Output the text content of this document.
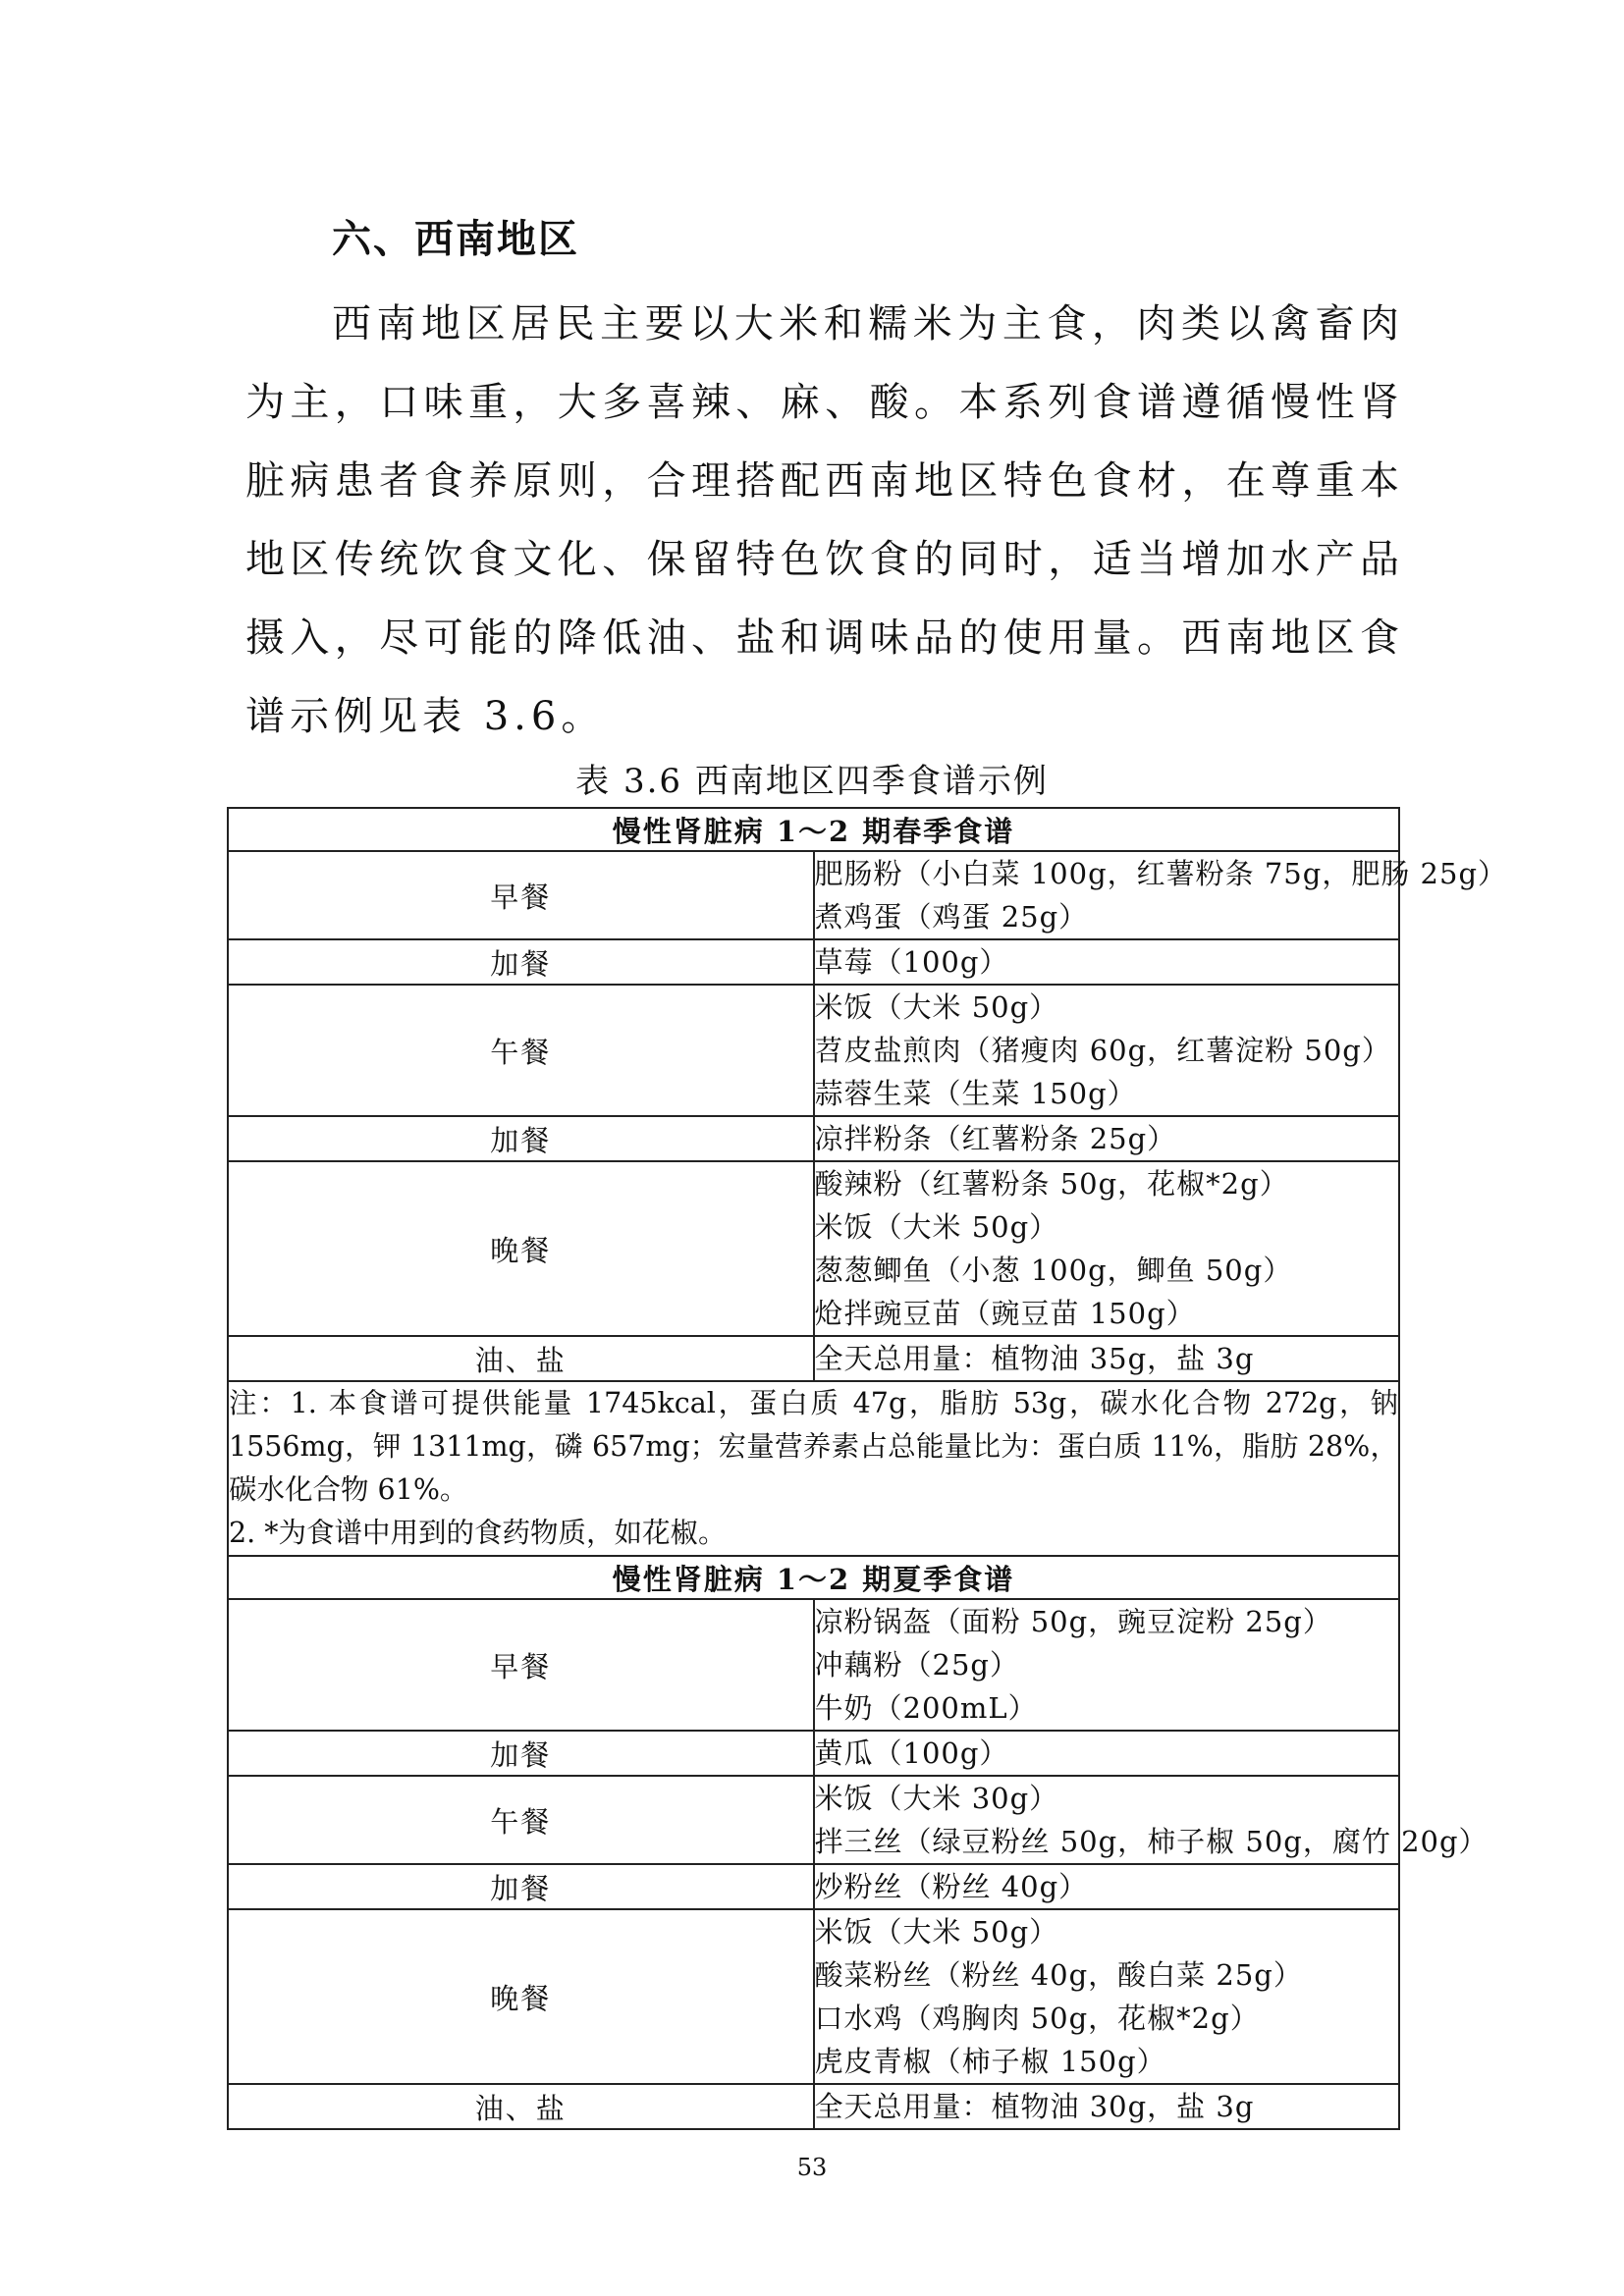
六、西南地区

西南地区居民主要以大米和糯米为主食，肉类以禽畜肉为主，口味重，大多喜辣、麻、酸。本系列食谱遵循慢性肾脏病患者食养原则，合理搭配西南地区特色食材，在尊重本地区传统饮食文化、保留特色饮食的同时，适当增加水产品摄入，尽可能的降低油、盐和调味品的使用量。西南地区食谱示例见表 3.6。

表 3.6 西南地区四季食谱示例
慢性肾脏病 1～2 期春季食谱	
早餐	肥肠粉（小白菜 100g，红薯粉条 75g，肥肠 25g）
煮鸡蛋（鸡蛋 25g）

加餐	草莓（100g）

午餐	米饭（大米 50g）
苕皮盐煎肉（猪瘦肉 60g，红薯淀粉 50g）
蒜蓉生菜（生菜 150g）

加餐	凉拌粉条（红薯粉条 25g）

晚餐	酸辣粉（红薯粉条 50g，花椒*2g）
米饭（大米 50g）
葱葱鲫鱼（小葱 100g，鲫鱼 50g）
炝拌豌豆苗（豌豆苗 150g）

油、盐	全天总用量：植物油 35g，盐 3g

注：1. 本食谱可提供能量 1745kcal，蛋白质 47g，脂肪 53g，碳水化合物 272g，钠 1556mg，钾 1311mg，磷 657mg；宏量营养素占总能量比为：蛋白质 11%，脂肪 28%，碳水化合物 61%。
2. *为食谱中用到的食药物质，如花椒。	

慢性肾脏病 1～2 期夏季食谱	
早餐	凉粉锅盔（面粉 50g，豌豆淀粉 25g）
冲藕粉（25g）
牛奶（200mL）

加餐	黄瓜（100g）

午餐	米饭（大米 30g）
拌三丝（绿豆粉丝 50g，柿子椒 50g，腐竹 20g）

加餐	炒粉丝（粉丝 40g）

晚餐	米饭（大米 50g）
酸菜粉丝（粉丝 40g，酸白菜 25g）
口水鸡（鸡胸肉 50g，花椒*2g）
虎皮青椒（柿子椒 150g）

油、盐	全天总用量：植物油 30g，盐 3g
53
